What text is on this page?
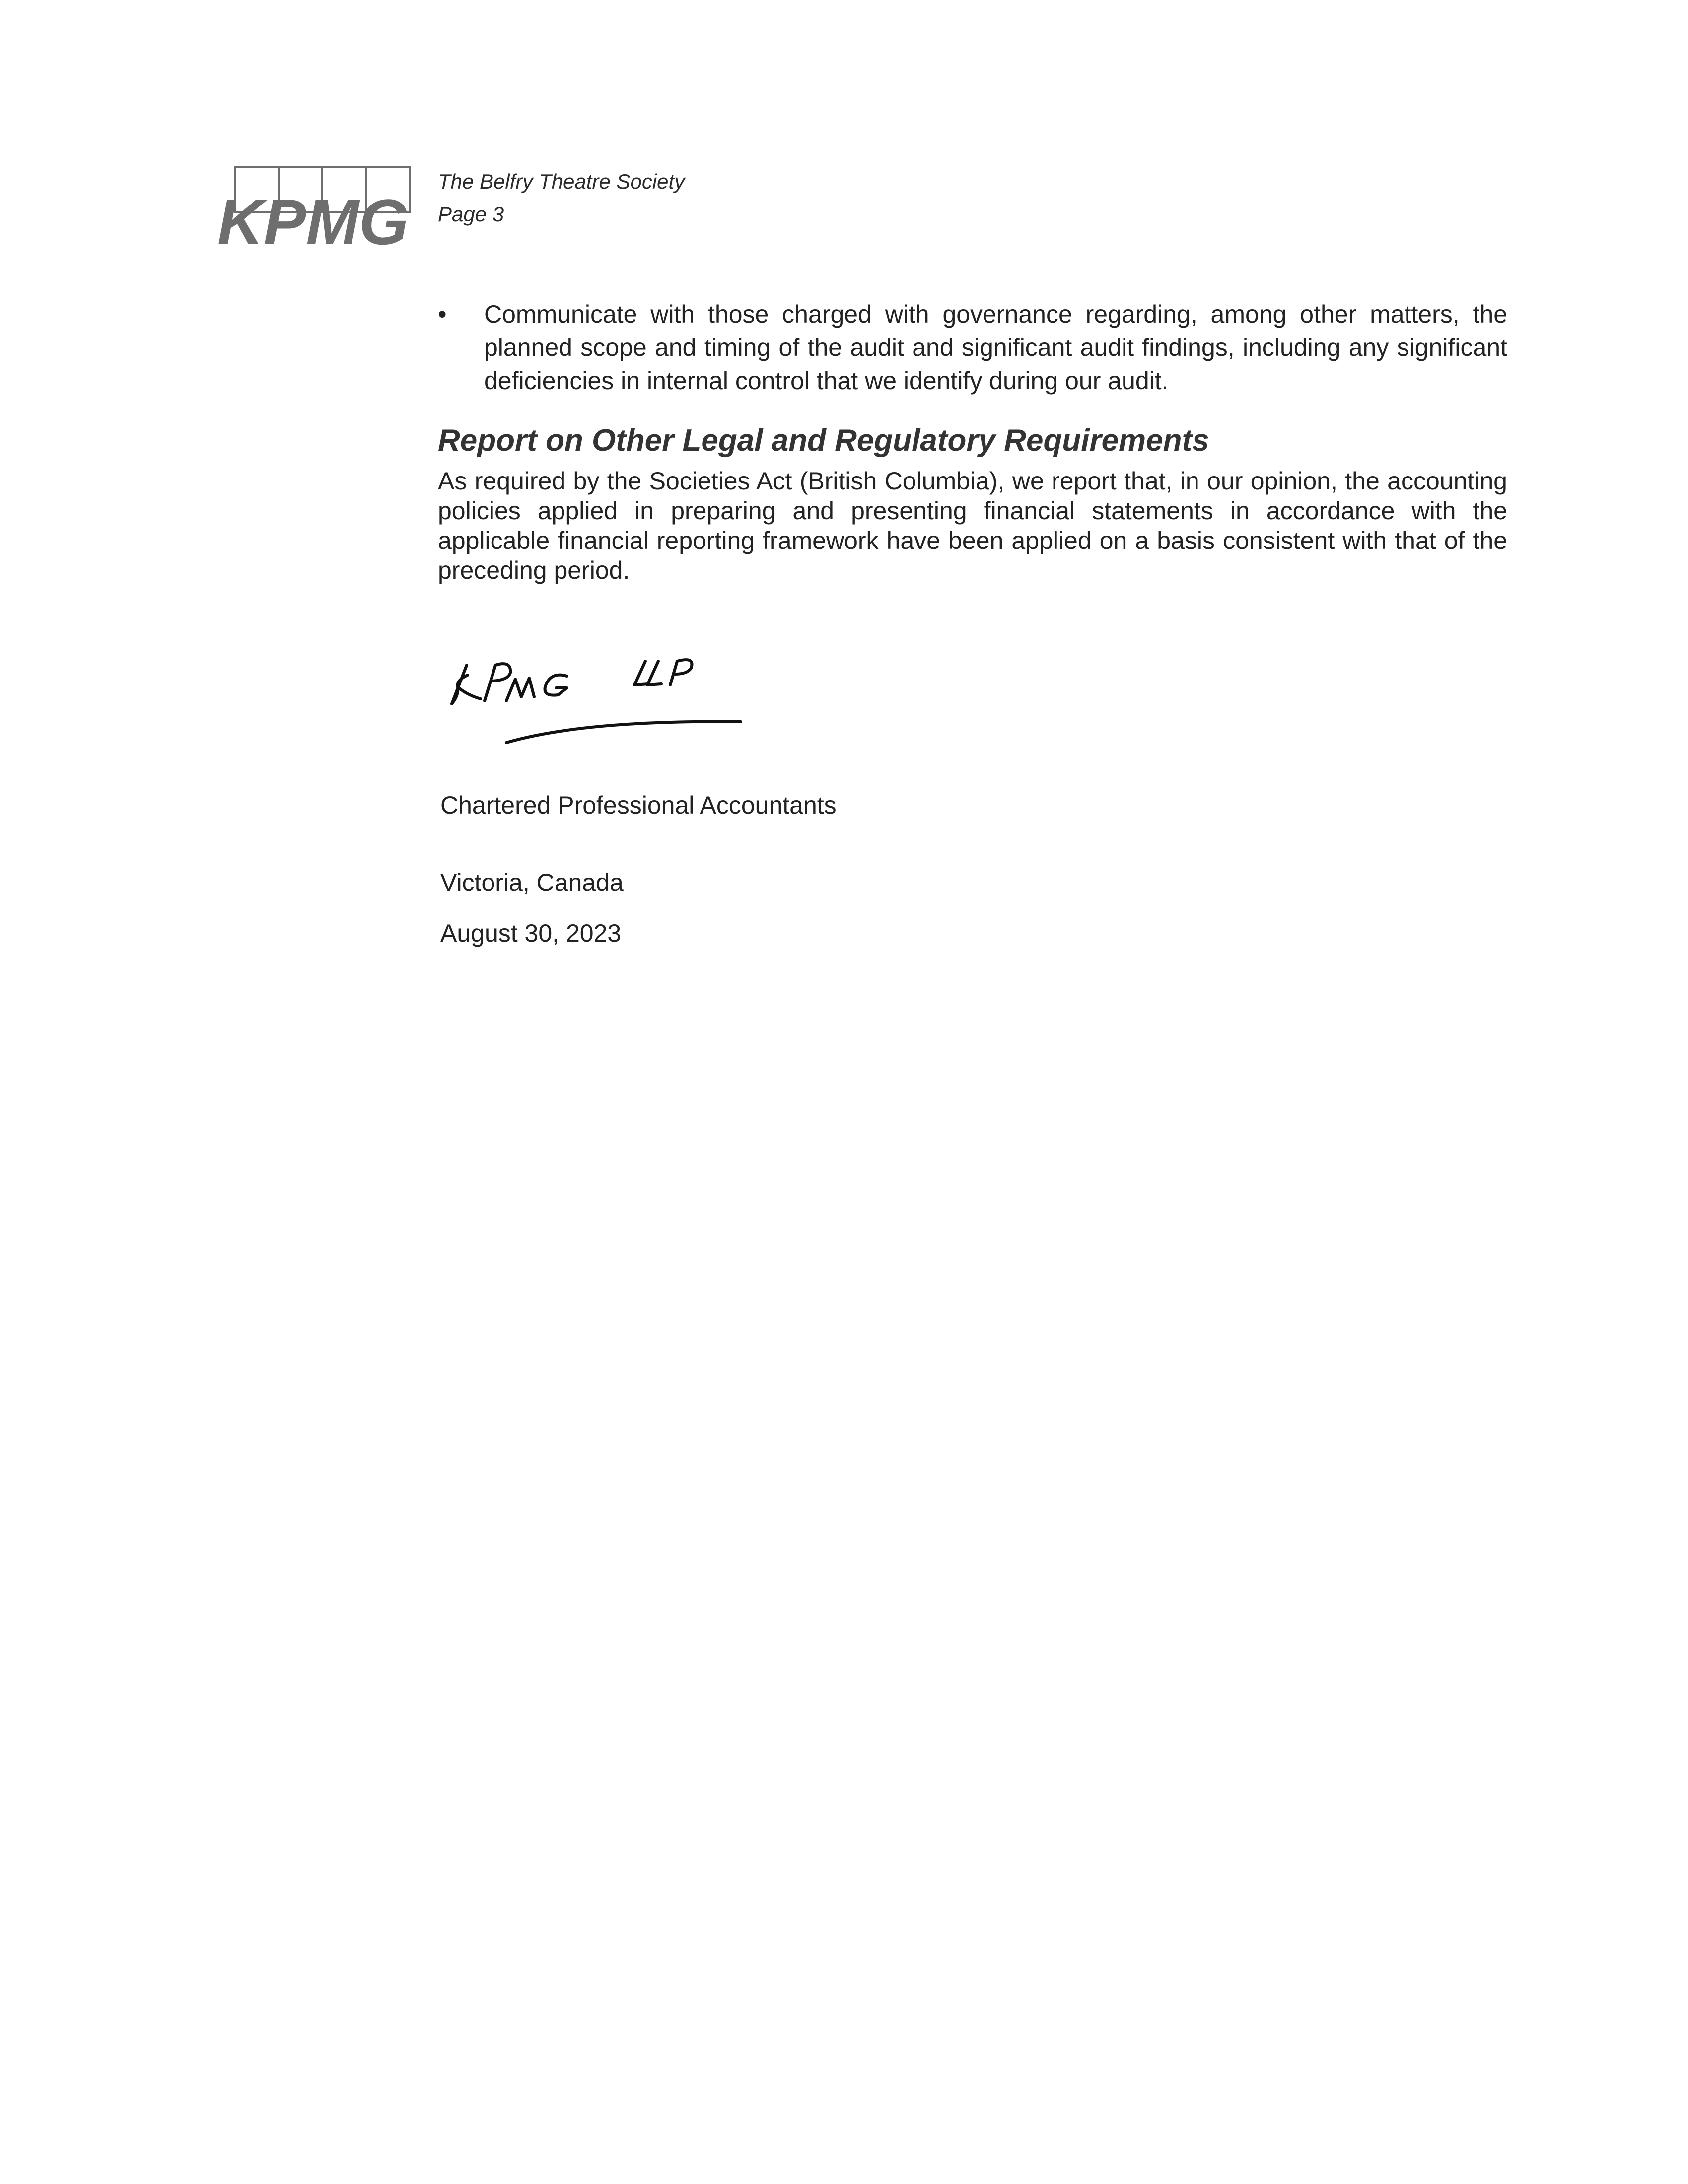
KPMG
The Belfry Theatre Society
Page 3
• Communicate with those charged with governance regarding, among other matters, the planned scope and timing of the audit and significant audit findings, including any significant deficiencies in internal control that we identify during our audit.
Report on Other Legal and Regulatory Requirements
As required by the Societies Act (British Columbia), we report that, in our opinion, the accounting policies applied in preparing and presenting financial statements in accordance with the applicable financial reporting framework have been applied on a basis consistent with that of the preceding period.
Chartered Professional Accountants
Victoria, Canada
August 30, 2023
